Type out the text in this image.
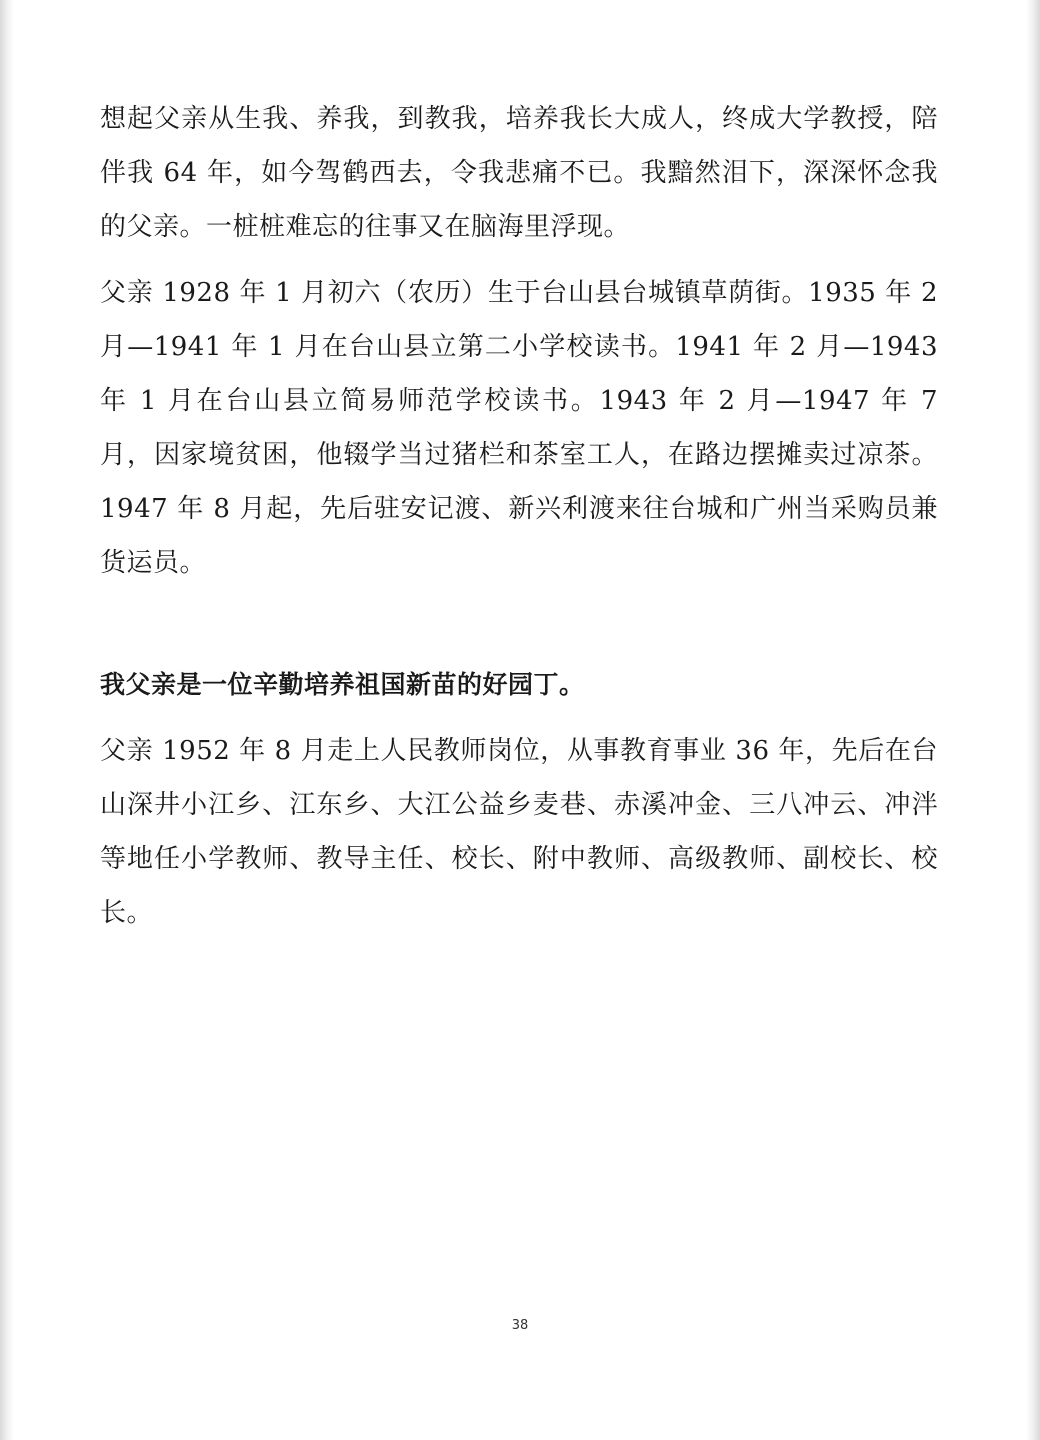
想起父亲从生我、养我，到教我，培养我长大成人，终成大学教授，陪伴我 64 年，如今驾鹤西去，令我悲痛不已。我黯然泪下，深深怀念我的父亲。一桩桩难忘的往事又在脑海里浮现。

父亲 1928 年 1 月初六（农历）生于台山县台城镇草荫街。1935 年 2 月—1941 年 1 月在台山县立第二小学校读书。1941 年 2 月—1943 年 1 月在台山县立简易师范学校读书。1943 年 2 月—1947 年 7 月，因家境贫困，他辍学当过猪栏和茶室工人，在路边摆摊卖过凉茶。1947 年 8 月起，先后驻安记渡、新兴利渡来往台城和广州当采购员兼货运员。

我父亲是一位辛勤培养祖国新苗的好园丁。

父亲 1952 年 8 月走上人民教师岗位，从事教育事业 36 年，先后在台山深井小江乡、江东乡、大江公益乡麦巷、赤溪冲金、三八冲云、冲泮等地任小学教师、教导主任、校长、附中教师、高级教师、副校长、校长。

38
